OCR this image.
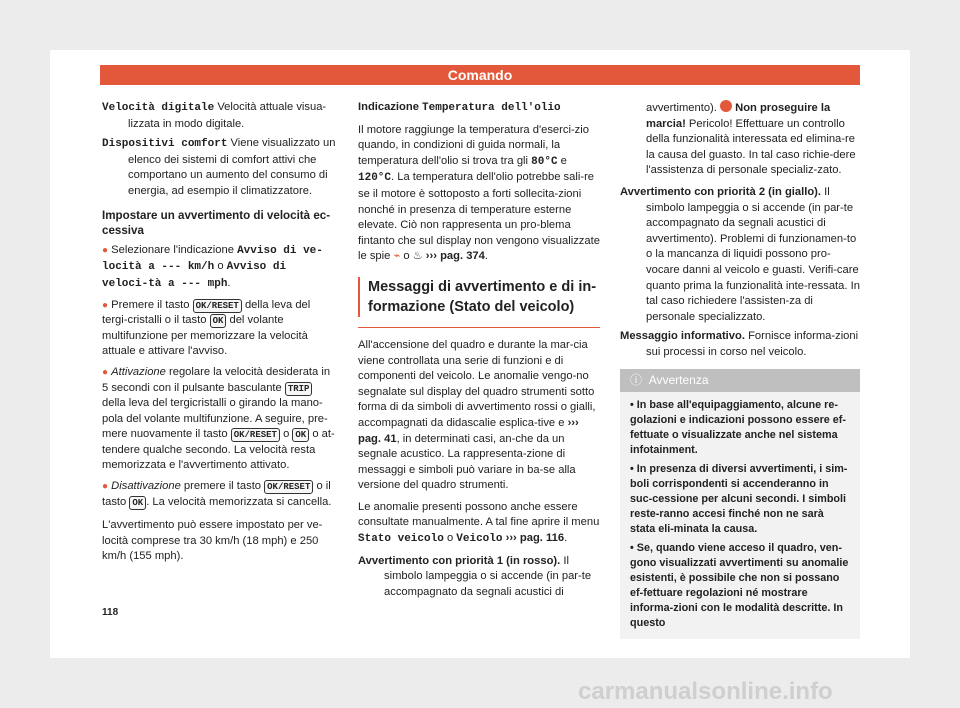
Comando

Velocità digitale Velocità attuale visua-lizzata in modo digitale.

Dispositivi comfort Viene visualizzato un elenco dei sistemi di comfort attivi che comportano un aumento del consumo di energia, ad esempio il climatizzatore.

Impostare un avvertimento di velocità ec-cessiva

● Selezionare l'indicazione Avviso di ve-locità a --- km/h o Avviso di veloci-tà a --- mph.

● Premere il tasto OK/RESET della leva del tergi-cristalli o il tasto OK del volante multifunzione per memorizzare la velocità attuale e attivare l'avviso.

● Attivazione regolare la velocità desiderata in 5 secondi con il pulsante basculante TRIP della leva del tergicristalli o girando la mano-pola del volante multifunzione. A seguire, pre-mere nuovamente il tasto OK/RESET o OK o at-tendere qualche secondo. La velocità resta memorizzata e l'avvertimento attivato.

● Disattivazione premere il tasto OK/RESET o il tasto OK . La velocità memorizzata si cancella.

L'avvertimento può essere impostato per ve-locità comprese tra 30 km/h (18 mph) e 250 km/h (155 mph).

Indicazione Temperatura dell'olio

Il motore raggiunge la temperatura d'eserci-zio quando, in condizioni di guida normali, la temperatura dell'olio si trova tra gli 80°C e 120°C. La temperatura dell'olio potrebbe sali-re se il motore è sottoposto a forti sollecita-zioni nonché in presenza di temperature esterne elevate. Ciò non rappresenta un pro-blema fintanto che sul display non vengono visualizzate le spie ⌁ o ♨ ››› pag. 374.

Messaggi di avvertimento e di in-formazione (Stato del veicolo)

All'accensione del quadro e durante la mar-cia viene controllata una serie di funzioni e di componenti del veicolo. Le anomalie vengo-no segnalate sul display del quadro strumenti sotto forma di da simboli di avvertimento rossi o gialli, accompagnati da didascalie esplica-tive e ››› pag. 41, in determinati casi, an-che da un segnale acustico. La rappresenta-zione di messaggi e simboli può variare in ba-se alla versione del quadro strumenti.

Le anomalie presenti possono anche essere consultate manualmente. A tal fine aprire il menu Stato veicolo o Veicolo ››› pag. 116.

Avvertimento con priorità 1 (in rosso). Il simbolo lampeggia o si accende (in par-te accompagnato da segnali acustici di

avvertimento). Non proseguire la marcia! Pericolo! Effettuare un controllo della funzionalità interessata ed elimina-re la causa del guasto. In tal caso richie-dere l'assistenza di personale specializ-zato.

Avvertimento con priorità 2 (in giallo). Il simbolo lampeggia o si accende (in par-te accompagnato da segnali acustici di avvertimento). Problemi di funzionamen-to o la mancanza di liquidi possono pro-vocare danni al veicolo e guasti. Verifi-care quanto prima la funzionalità inte-ressata. In tal caso richiedere l'assisten-za di personale specializzato.

Messaggio informativo. Fornisce informa-zioni sui processi in corso nel veicolo.

ⓘ Avvertenza

• In base all'equipaggiamento, alcune re-golazioni e indicazioni possono essere ef-fettuate o visualizzate anche nel sistema infotainment.

• In presenza di diversi avvertimenti, i sim-boli corrispondenti si accenderanno in suc-cessione per alcuni secondi. I simboli reste-ranno accesi finché non ne sarà stata eli-minata la causa.

• Se, quando viene acceso il quadro, ven-gono visualizzati avvertimenti su anomalie esistenti, è possibile che non si possano ef-fettuare regolazioni né mostrare informa-zioni con le modalità descritte. In questo

118
carmanualsonline.info
